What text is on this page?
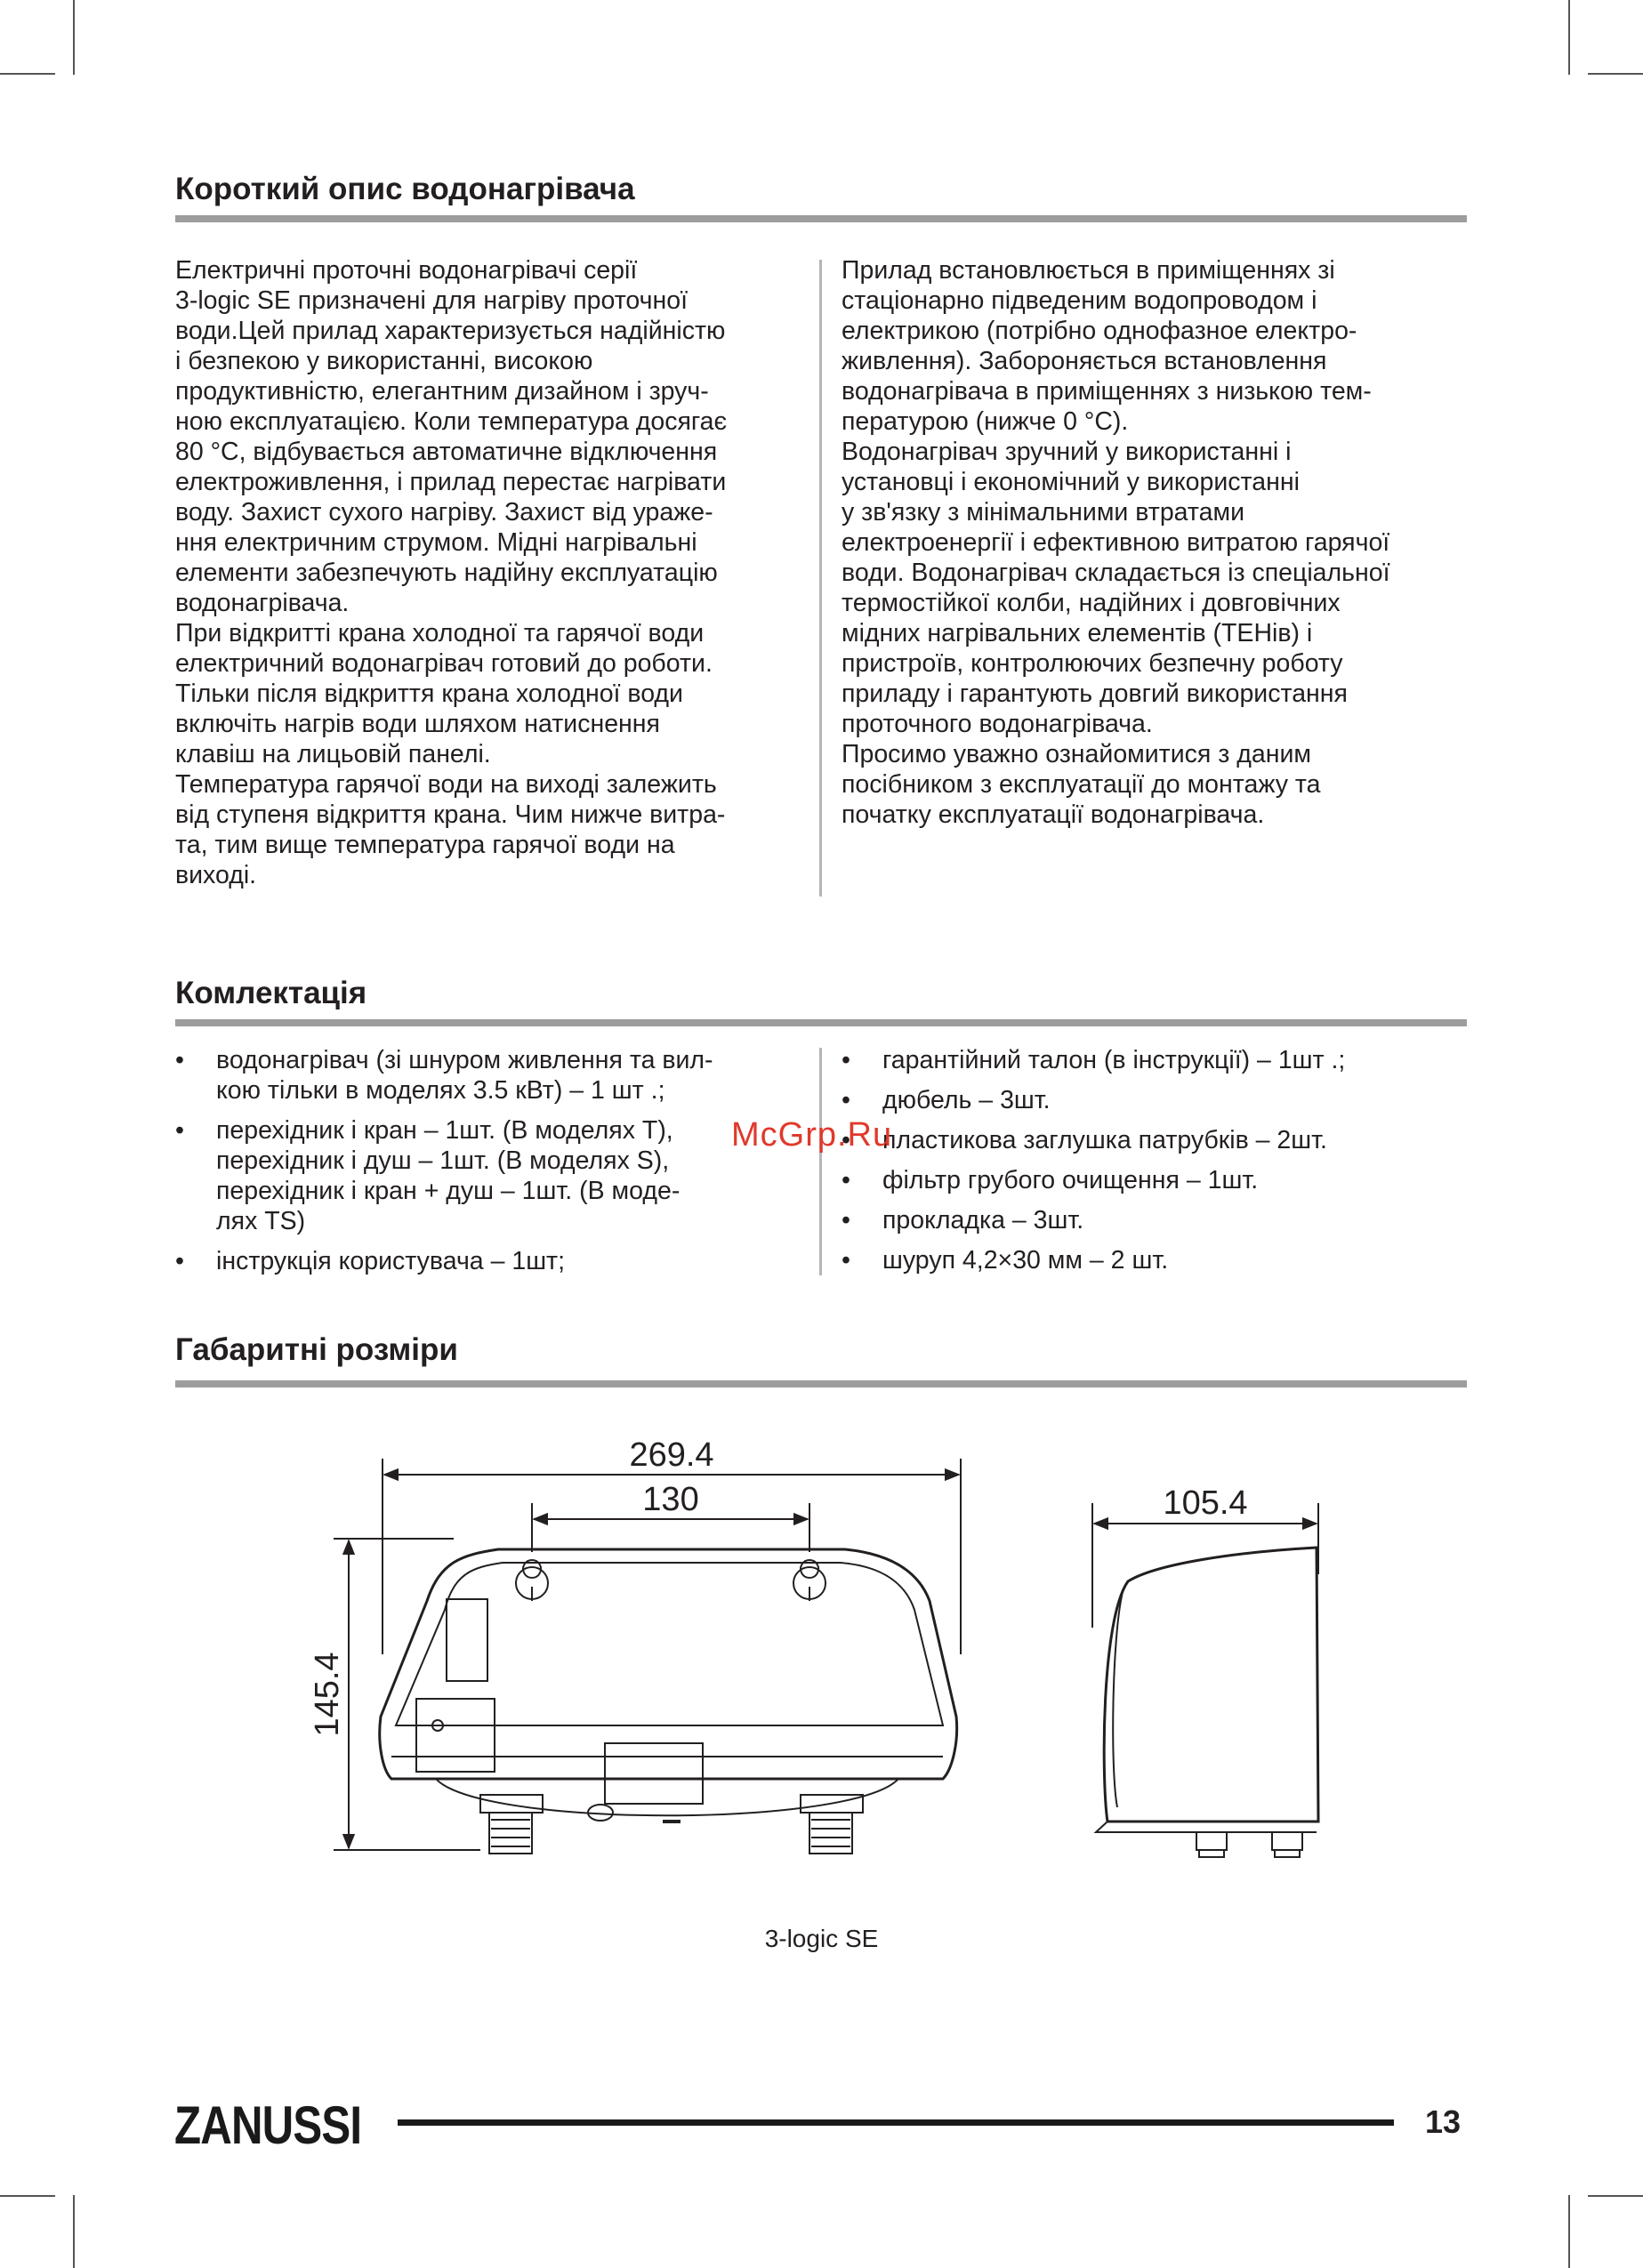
Короткий опис водонагрівача
Електричні проточні водонагрівачі серії
3-logic SE призначені для нагріву проточної
води.Цей прилад характеризується надійністю
і безпекою у використанні, високою
продуктивністю, елегантним дизайном і зруч-
ною експлуатацією. Коли температура досягає
80 °С, відбувається автоматичне відключення
електроживлення, і прилад перестає нагрівати
воду. Захист сухого нагріву. Захист від ураже-
ння електричним струмом. Мідні нагрівальні
елементи забезпечують надійну експлуатацію
водонагрівача.
При відкритті крана холодної та гарячої води
електричний водонагрівач готовий до роботи.
Тільки після відкриття крана холодної води
включіть нагрів води шляхом натиснення
клавіш на лицьовій панелі.
Температура гарячої води на виході залежить
від ступеня відкриття крана. Чим нижче витра-
та, тим вище температура гарячої води на
виході.
Прилад встановлюється в приміщеннях зі
стаціонарно підведеним водопроводом і
електрикою (потрібно однофазное електро-
живлення). Забороняється встановлення
водонагрівача в приміщеннях з низькою тем-
пературою (нижче 0 °С).
Водонагрівач зручний у використанні і
установці і економічний у використанні
у зв'язку з мінімальними втратами
електроенергії і ефективною витратою гарячої
води. Водонагрівач складається із спеціальної
термостійкої колби, надійних і довговічних
мідних нагрівальних елементів (ТЕНів) і
пристроїв, контролюючих безпечну роботу
приладу і гарантують довгий використання
проточного водонагрівача.
Просимо уважно ознайомитися з даним
посібником з експлуатації до монтажу та
початку експлуатації водонагрівача.
Комлектація
• водонагрівач (зі шнуром живлення та вил-
кою тільки в моделях 3.5 кВт) – 1 шт .;
• перехідник і кран – 1шт. (В моделях T),
перехідник і душ – 1шт. (В моделях S),
перехідник і кран + душ – 1шт. (В моде-
лях TS)
• інструкція користувача – 1шт;
• гарантійний талон (в інструкції) – 1шт .;
• дюбель – 3шт.
• пластикова заглушка патрубків – 2шт.
• фільтр грубого очищення – 1шт.
• прокладка – 3шт.
• шуруп 4,2×30 мм – 2 шт.
McGrp.Ru
Габаритні розміри
269.4
130
145.4
105.4
3-logic SE
ZANUSSI	13
